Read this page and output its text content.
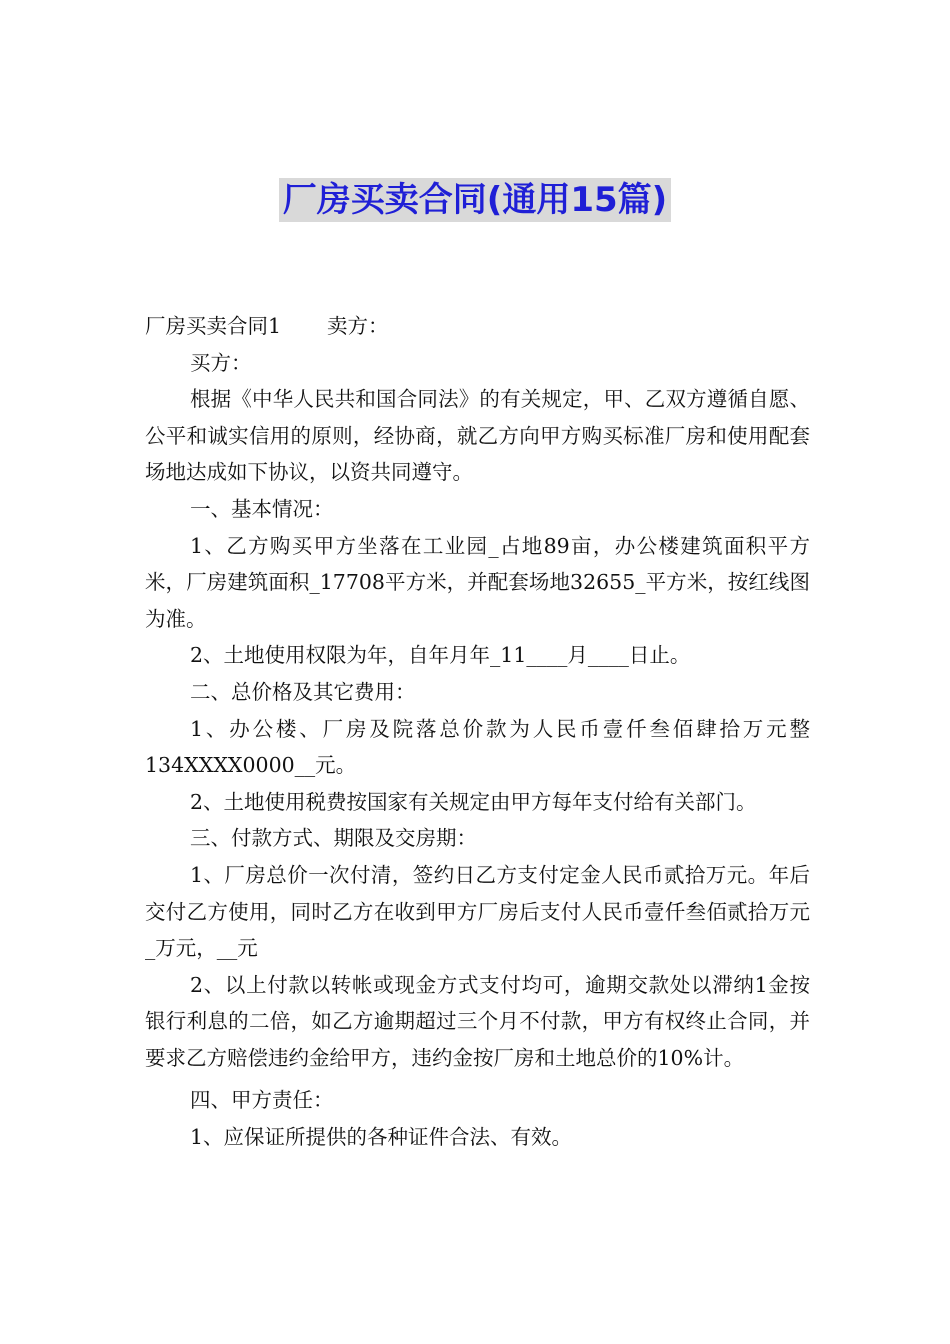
厂房买卖合同(通用15篇)

厂房买卖合同1 卖方：

买方：

根据《中华人民共和国合同法》的有关规定，甲、乙双方遵循自愿、公平和诚实信用的原则，经协商，就乙方向甲方购买标准厂房和使用配套场地达成如下协议，以资共同遵守。

一、基本情况：

1、乙方购买甲方坐落在工业园_占地89亩，办公楼建筑面积平方米，厂房建筑面积_17708平方米，并配套场地32655_平方米，按红线图为准。

2、土地使用权限为年，自年月年_11____月____日止。

二、总价格及其它费用：

1、办公楼、厂房及院落总价款为人民币壹仟叁佰肆拾万元整134XXXX0000__元。

2、土地使用税费按国家有关规定由甲方每年支付给有关部门。

三、付款方式、期限及交房期：

1、厂房总价一次付清，签约日乙方支付定金人民币贰拾万元。年后交付乙方使用，同时乙方在收到甲方厂房后支付人民币壹仟叁佰贰拾万元_万元，__元

2、以上付款以转帐或现金方式支付均可，逾期交款处以滞纳1金按银行利息的二倍，如乙方逾期超过三个月不付款，甲方有权终止合同，并要求乙方赔偿违约金给甲方，违约金按厂房和土地总价的10%计。

四、甲方责任：

1、应保证所提供的各种证件合法、有效。
